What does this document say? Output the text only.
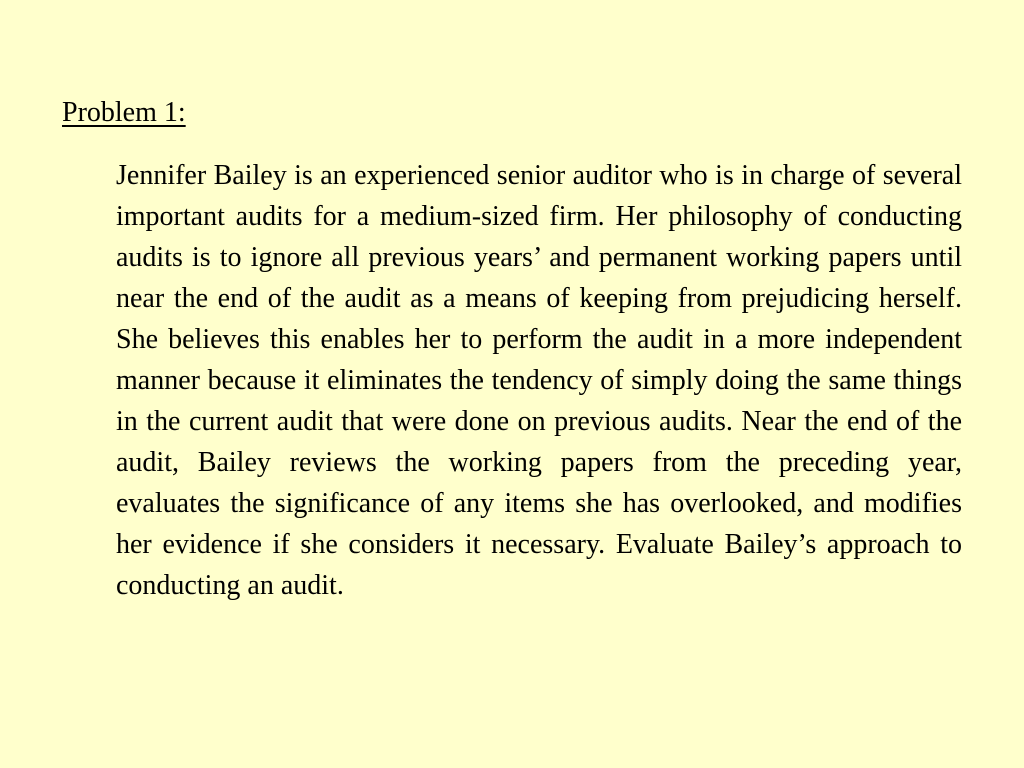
Problem 1:

Jennifer Bailey is an experienced senior auditor who is in charge of several important audits for a medium-sized firm. Her philosophy of conducting audits is to ignore all previous years’ and permanent working papers until near the end of the audit as a means of keeping from prejudicing herself. She believes this enables her to perform the audit in a more independent manner because it eliminates the tendency of simply doing the same things in the current audit that were done on previous audits. Near the end of the audit, Bailey reviews the working papers from the preceding year, evaluates the significance of any items she has overlooked, and modifies her evidence if she considers it necessary. Evaluate Bailey’s approach to conducting an audit.
